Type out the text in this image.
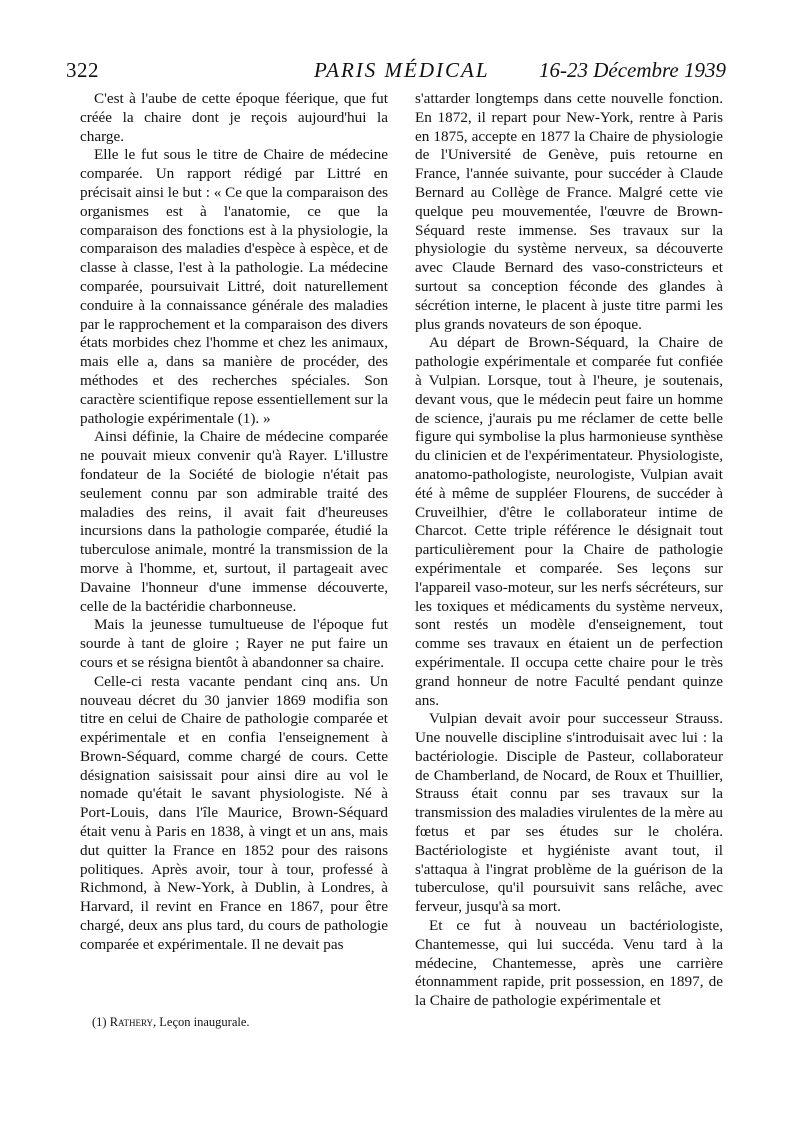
322	PARIS MÉDICAL 16-23 Décembre 1939

C'est à l'aube de cette époque féerique, que fut créée la chaire dont je reçois aujourd'hui la charge.

Elle le fut sous le titre de Chaire de médecine comparée. Un rapport rédigé par Littré en précisait ainsi le but : « Ce que la comparaison des organismes est à l'anatomie, ce que la comparaison des fonctions est à la physiologie, la comparaison des maladies d'espèce à espèce, et de classe à classe, l'est à la pathologie. La médecine comparée, poursuivait Littré, doit naturellement conduire à la connaissance générale des maladies par le rapprochement et la comparaison des divers états morbides chez l'homme et chez les animaux, mais elle a, dans sa manière de procéder, des méthodes et des recherches spéciales. Son caractère scientifique repose essentiellement sur la pathologie expérimentale (1). »

Ainsi définie, la Chaire de médecine comparée ne pouvait mieux convenir qu'à Rayer. L'illustre fondateur de la Société de biologie n'était pas seulement connu par son admirable traité des maladies des reins, il avait fait d'heureuses incursions dans la pathologie comparée, étudié la tuberculose animale, montré la transmission de la morve à l'homme, et, surtout, il partageait avec Davaine l'honneur d'une immense découverte, celle de la bactéridie charbonneuse.

Mais la jeunesse tumultueuse de l'époque fut sourde à tant de gloire ; Rayer ne put faire un cours et se résigna bientôt à abandonner sa chaire.

Celle-ci resta vacante pendant cinq ans. Un nouveau décret du 30 janvier 1869 modifia son titre en celui de Chaire de pathologie comparée et expérimentale et en confia l'enseignement à Brown-Séquard, comme chargé de cours. Cette désignation saisissait pour ainsi dire au vol le nomade qu'était le savant physiologiste. Né à Port-Louis, dans l'île Maurice, Brown-Séquard était venu à Paris en 1838, à vingt et un ans, mais dut quitter la France en 1852 pour des raisons politiques. Après avoir, tour à tour, professé à Richmond, à New-York, à Dublin, à Londres, à Harvard, il revint en France en 1867, pour être chargé, deux ans plus tard, du cours de pathologie comparée et expérimentale. Il ne devait pas

s'attarder longtemps dans cette nouvelle fonction. En 1872, il repart pour New-York, rentre à Paris en 1875, accepte en 1877 la Chaire de physiologie de l'Université de Genève, puis retourne en France, l'année suivante, pour succéder à Claude Bernard au Collège de France. Malgré cette vie quelque peu mouvementée, l'œuvre de Brown-Séquard reste immense. Ses travaux sur la physiologie du système nerveux, sa découverte avec Claude Bernard des vaso-constricteurs et surtout sa conception féconde des glandes à sécrétion interne, le placent à juste titre parmi les plus grands novateurs de son époque.

Au départ de Brown-Séquard, la Chaire de pathologie expérimentale et comparée fut confiée à Vulpian. Lorsque, tout à l'heure, je soutenais, devant vous, que le médecin peut faire un homme de science, j'aurais pu me réclamer de cette belle figure qui symbolise la plus harmonieuse synthèse du clinicien et de l'expérimentateur. Physiologiste, anatomo-pathologiste, neurologiste, Vulpian avait été à même de suppléer Flourens, de succéder à Cruveilhier, d'être le collaborateur intime de Charcot. Cette triple référence le désignait tout particulièrement pour la Chaire de pathologie expérimentale et comparée. Ses leçons sur l'appareil vaso-moteur, sur les nerfs sécréteurs, sur les toxiques et médicaments du système nerveux, sont restés un modèle d'enseignement, tout comme ses travaux en étaient un de perfection expérimentale. Il occupa cette chaire pour le très grand honneur de notre Faculté pendant quinze ans.

Vulpian devait avoir pour successeur Strauss. Une nouvelle discipline s'introduisait avec lui : la bactériologie. Disciple de Pasteur, collaborateur de Chamberland, de Nocard, de Roux et Thuillier, Strauss était connu par ses travaux sur la transmission des maladies virulentes de la mère au fœtus et par ses études sur le choléra. Bactériologiste et hygiéniste avant tout, il s'attaqua à l'ingrat problème de la guérison de la tuberculose, qu'il poursuivit sans relâche, avec ferveur, jusqu'à sa mort.

Et ce fut à nouveau un bactériologiste, Chantemesse, qui lui succéda. Venu tard à la médecine, Chantemesse, après une carrière étonnamment rapide, prit possession, en 1897, de la Chaire de pathologie expérimentale et

(1) Rathery, Leçon inaugurale.
